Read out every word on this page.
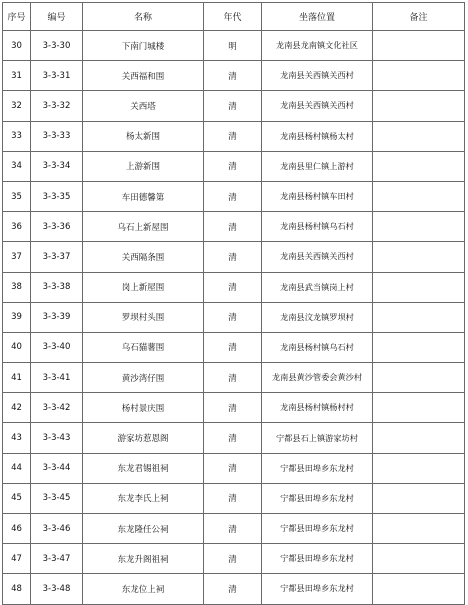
序号	编号	名称	年代	坐落位置	备注
30	3-3-30	下南门城楼	明	龙南县龙南镇文化社区	
31	3-3-31	关西福和围	清	龙南县关西镇关西村	
32	3-3-32	关西塔	清	龙南县关西镇关西村	
33	3-3-33	杨太新围	清	龙南县杨村镇杨太村	
34	3-3-34	上游新围	清	龙南县里仁镇上游村	
35	3-3-35	车田德馨第	清	龙南县杨村镇车田村	
36	3-3-36	乌石上新屋围	清	龙南县杨村镇乌石村	
37	3-3-37	关西隔条围	清	龙南县关西镇关西村	
38	3-3-38	岗上新屋围	清	龙南县武当镇岗上村	
39	3-3-39	罗坝村头围	清	龙南县汶龙镇罗坝村	
40	3-3-40	乌石猫薯围	清	龙南县杨村镇乌石村	
41	3-3-41	黄沙湾仔围	清	龙南县黄沙管委会黄沙村	
42	3-3-42	杨村景庆围	清	龙南县杨村镇杨村村	
43	3-3-43	游家坊惹恩阁	清	宁都县石上镇游家坊村	
44	3-3-44	东龙君锡祖祠	清	宁都县田埠乡东龙村	
45	3-3-45	东龙李氏上祠	清	宁都县田埠乡东龙村	
46	3-3-46	东龙隆任公祠	清	宁都县田埠乡东龙村	
47	3-3-47	东龙升阁祖祠	清	宁都县田埠乡东龙村	
48	3-3-48	东龙位上祠	清	宁都县田埠乡东龙村	
